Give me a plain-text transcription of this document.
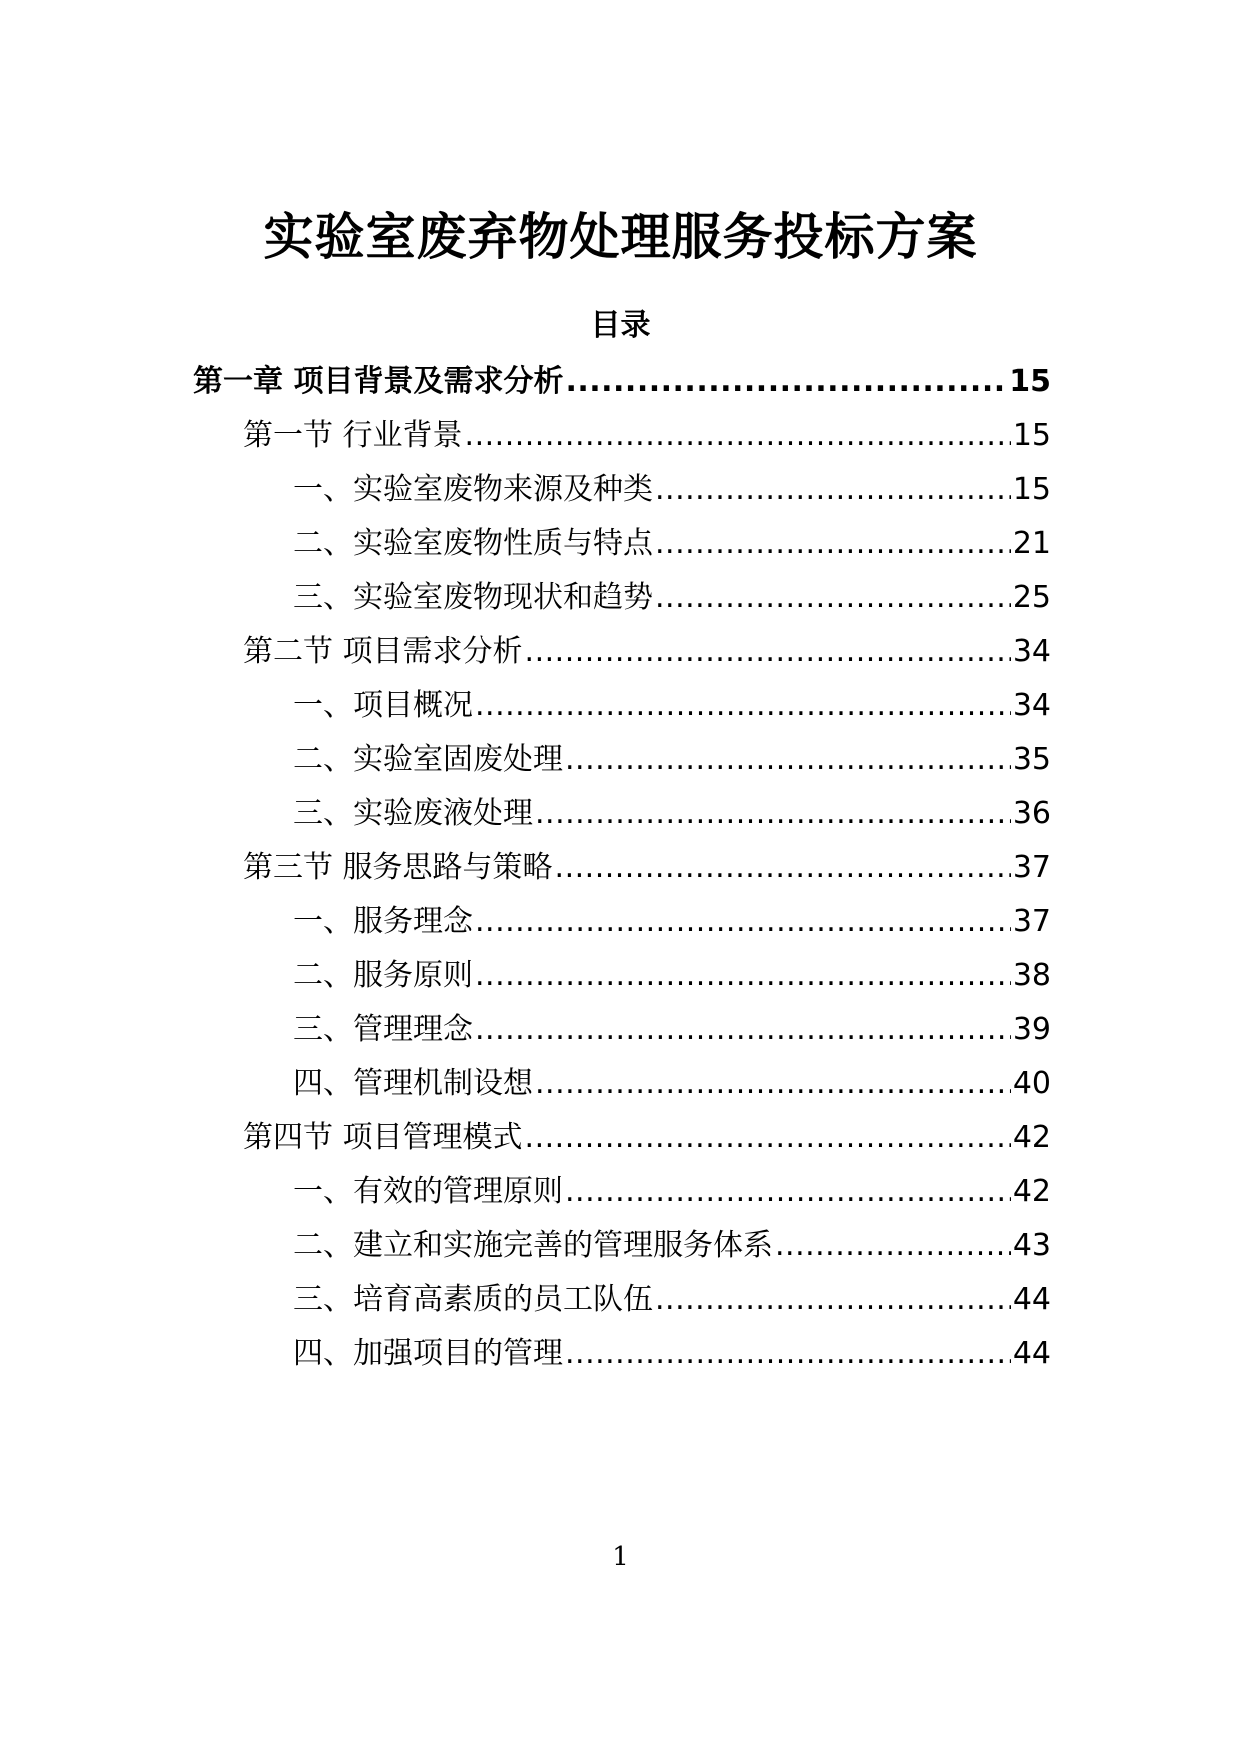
实验室废弃物处理服务投标方案
目录
第一章 项目背景及需求分析 .....	15
第一节 行业背景 .....	15
一、实验室废物来源及种类 .....	15
二、实验室废物性质与特点 .....	21
三、实验室废物现状和趋势 .....	25
第二节 项目需求分析 .....	34
一、项目概况 .....	34
二、实验室固废处理 .....	35
三、实验废液处理 .....	36
第三节 服务思路与策略 .....	37
一、服务理念 .....	37
二、服务原则 .....	38
三、管理理念 .....	39
四、管理机制设想 .....	40
第四节 项目管理模式 .....	42
一、有效的管理原则 .....	42
二、建立和实施完善的管理服务体系 .....	43
三、培育高素质的员工队伍 .....	44
四、加强项目的管理 .....	44
1
